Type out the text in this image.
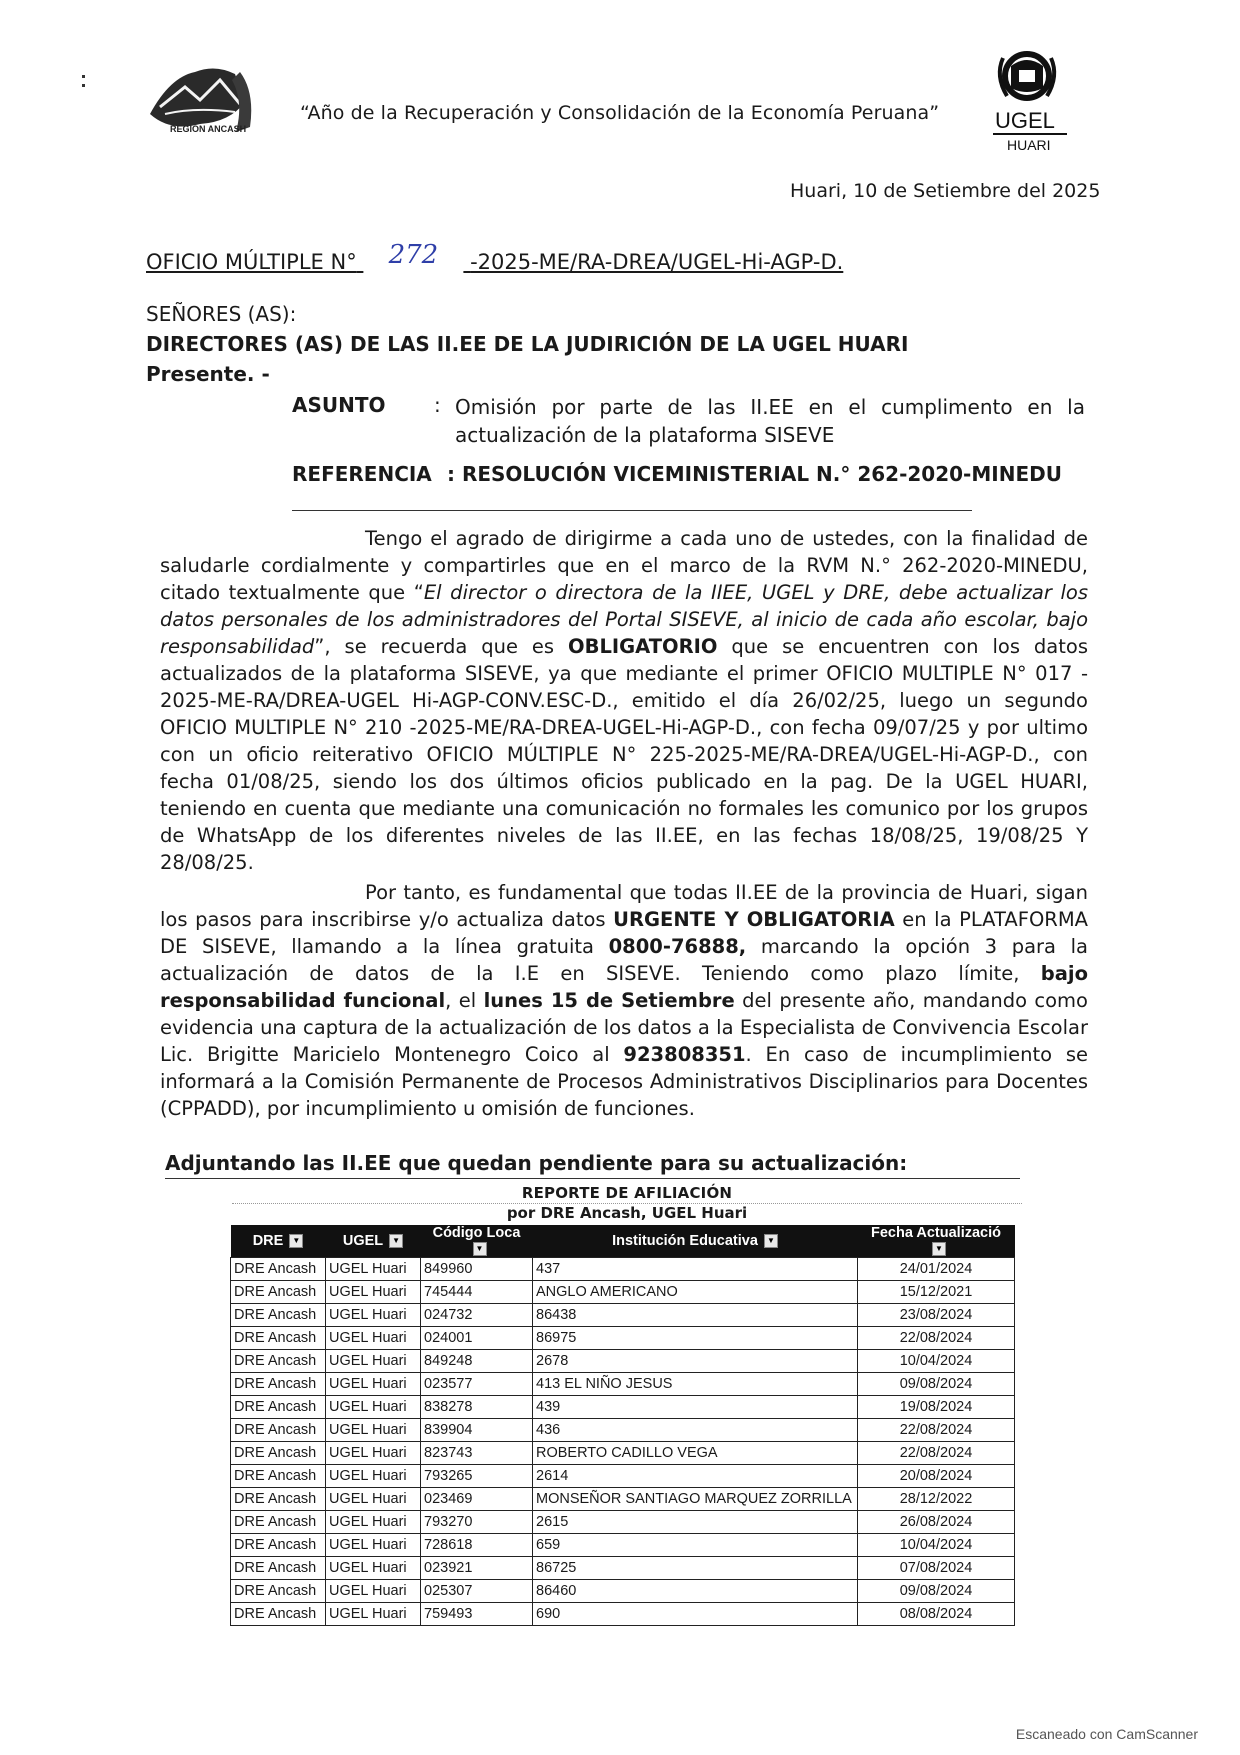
REGION ANCASH	UGEL
HUARI
“Año de la Recuperación y Consolidación de la Economía Peruana”
Huari, 10 de Setiembre del 2025
OFICIO MÚLTIPLE N° 272 -2025-ME/RA-DREA/UGEL-Hi-AGP-D.
SEÑORES (AS):
DIRECTORES (AS) DE LAS II.EE DE LA JUDIRICIÓN DE LA UGEL HUARI
Presente. -
ASUNTO : Omisión por parte de las II.EE en el cumplimento en la actualización de la plataforma SISEVE
REFERENCIA : RESOLUCIÓN VICEMINISTERIAL N.° 262-2020-MINEDU
Tengo el agrado de dirigirme a cada uno de ustedes, con la finalidad de saludarle cordialmente y compartirles que en el marco de la RVM N.° 262-2020-MINEDU, citado textualmente que “El director o directora de la IIEE, UGEL y DRE, debe actualizar los datos personales de los administradores del Portal SISEVE, al inicio de cada año escolar, bajo responsabilidad”, se recuerda que es OBLIGATORIO que se encuentren con los datos actualizados de la plataforma SISEVE, ya que mediante el primer OFICIO MULTIPLE N° 017 - 2025-ME-RA/DREA-UGEL Hi-AGP-CONV.ESC-D., emitido el día 26/02/25, luego un segundo OFICIO MULTIPLE N° 210 -2025-ME/RA-DREA-UGEL-Hi-AGP-D., con fecha 09/07/25 y por ultimo con un oficio reiterativo OFICIO MÚLTIPLE N° 225-2025-ME/RA-DREA/UGEL-Hi-AGP-D., con fecha 01/08/25, siendo los dos últimos oficios publicado en la pag. De la UGEL HUARI, teniendo en cuenta que mediante una comunicación no formales les comunico por los grupos de WhatsApp de los diferentes niveles de las II.EE, en las fechas 18/08/25, 19/08/25 Y 28/08/25.
Por tanto, es fundamental que todas II.EE de la provincia de Huari, sigan los pasos para inscribirse y/o actualiza datos URGENTE Y OBLIGATORIA en la PLATAFORMA DE SISEVE, llamando a la línea gratuita 0800-76888, marcando la opción 3 para la actualización de datos de la I.E en SISEVE. Teniendo como plazo límite, bajo responsabilidad funcional, el lunes 15 de Setiembre del presente año, mandando como evidencia una captura de la actualización de los datos a la Especialista de Convivencia Escolar Lic. Brigitte Maricielo Montenegro Coico al 923808351. En caso de incumplimiento se informará a la Comisión Permanente de Procesos Administrativos Disciplinarios para Docentes (CPPADD), por incumplimiento u omisión de funciones.
Adjuntando las II.EE que quedan pendiente para su actualización:
REPORTE DE AFILIACIÓN
por DRE Ancash, UGEL Huari
DRE ▼	UGEL ▼	Código Loca▼	Institución Educativa ▼	Fecha Actualizació▼
DRE Ancash	UGEL Huari	849960	437	24/01/2024
DRE Ancash	UGEL Huari	745444	ANGLO AMERICANO	15/12/2021
DRE Ancash	UGEL Huari	024732	86438	23/08/2024
DRE Ancash	UGEL Huari	024001	86975	22/08/2024
DRE Ancash	UGEL Huari	849248	2678	10/04/2024
DRE Ancash	UGEL Huari	023577	413 EL NIÑO JESUS	09/08/2024
DRE Ancash	UGEL Huari	838278	439	19/08/2024
DRE Ancash	UGEL Huari	839904	436	22/08/2024
DRE Ancash	UGEL Huari	823743	ROBERTO CADILLO VEGA	22/08/2024
DRE Ancash	UGEL Huari	793265	2614	20/08/2024
DRE Ancash	UGEL Huari	023469	MONSEÑOR SANTIAGO MARQUEZ ZORRILLA	28/12/2022
DRE Ancash	UGEL Huari	793270	2615	26/08/2024
DRE Ancash	UGEL Huari	728618	659	10/04/2024
DRE Ancash	UGEL Huari	023921	86725	07/08/2024
DRE Ancash	UGEL Huari	025307	86460	09/08/2024
DRE Ancash	UGEL Huari	759493	690	08/08/2024
Escaneado con CamScanner
